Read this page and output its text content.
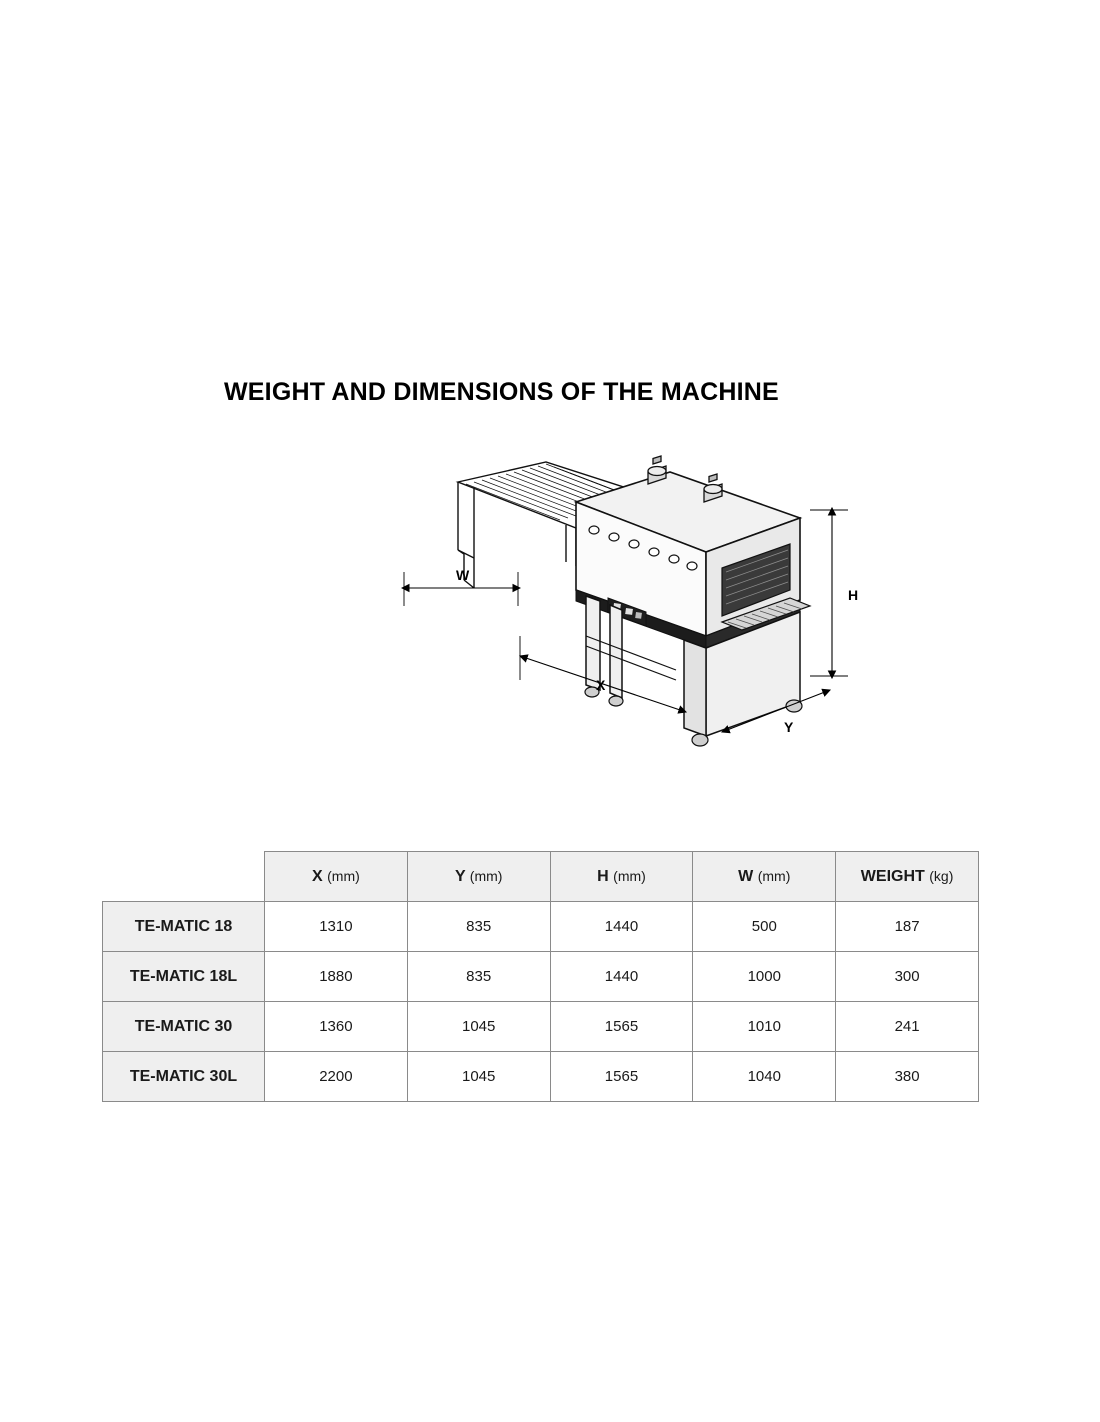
WEIGHT AND DIMENSIONS OF THE MACHINE
H
W
X
Y
	X (mm)	Y (mm)	H (mm)	W (mm)	WEIGHT (kg)
TE-MATIC 18	1310	835	1440	500	187
TE-MATIC 18L	1880	835	1440	1000	300
TE-MATIC 30	1360	1045	1565	1010	241
TE-MATIC 30L	2200	1045	1565	1040	380
